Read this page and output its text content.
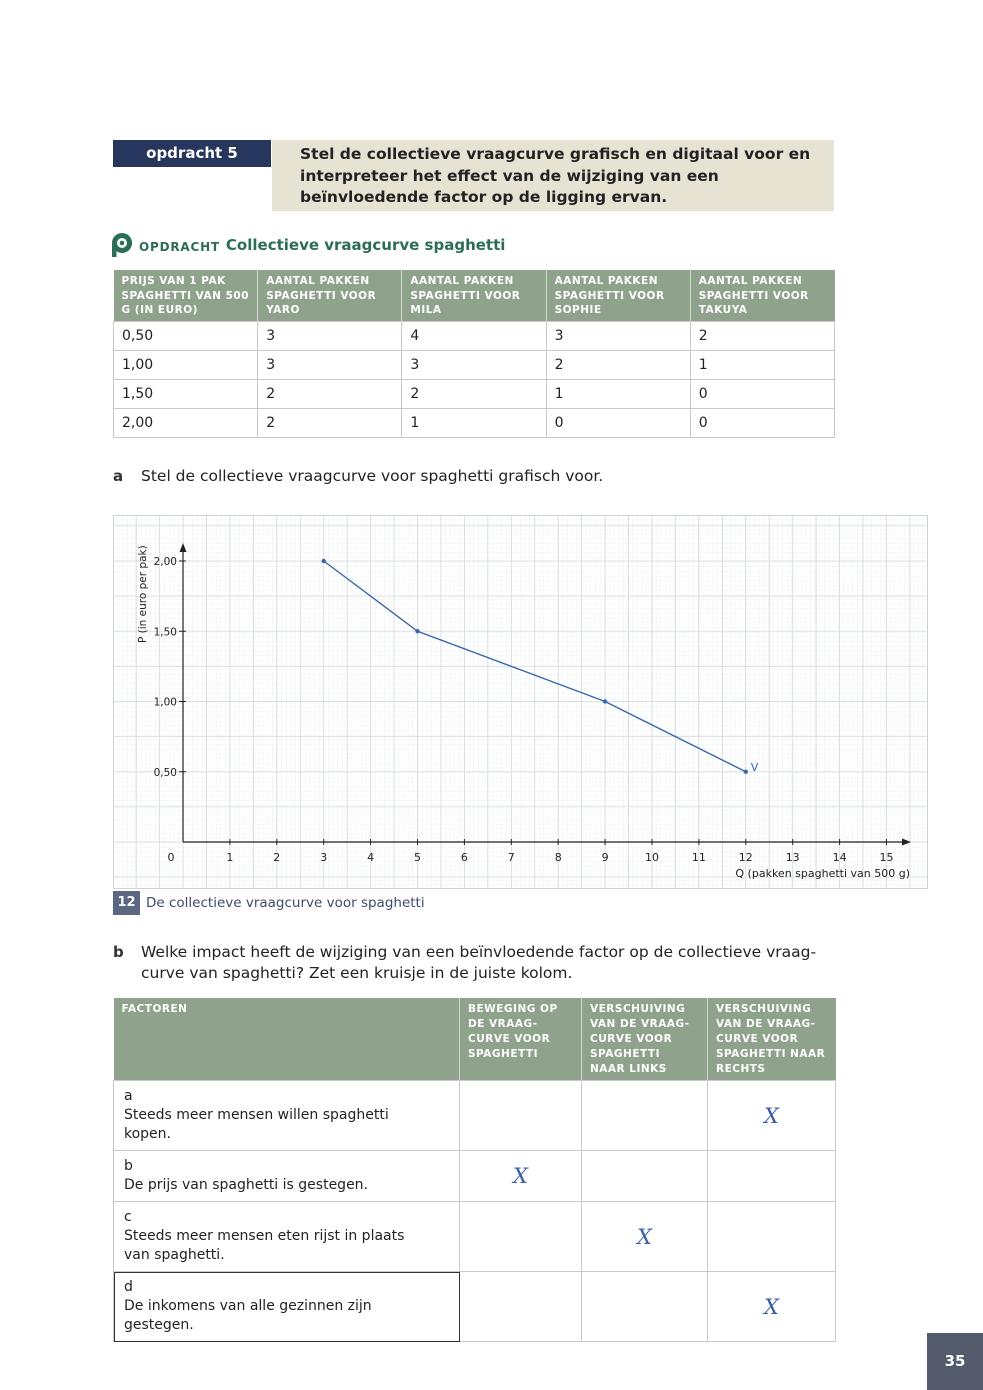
opdracht 5	Stel de collectieve vraagcurve grafisch en digitaal voor en interpreteer het effect van de wijziging van een beïnvloedende factor op de ligging ervan.
OPDRACHT Collectieve vraagcurve spaghetti
PRIJS VAN 1 PAK SPAGHETTI VAN 500 G (IN EURO)	AANTAL PAKKEN SPAGHETTI VOOR YARO	AANTAL PAKKEN SPAGHETTI VOOR MILA	AANTAL PAKKEN SPAGHETTI VOOR SOPHIE	AANTAL PAKKEN SPAGHETTI VOOR TAKUYA
0,50	3	4	3	2
1,00	3	3	2	1
1,50	2	2	1	0
2,00	2	1	0	0
a Stel de collectieve vraagcurve voor spaghetti grafisch voor.
1	2	3	4	5	6	7	8	9	10	11	12	13	14	15
0,50
1,00
1,50
2,00
V
P (in euro per pak)
Q (pakken spaghetti van 500 g)
0
12 De collectieve vraagcurve voor spaghetti
b Welke impact heeft de wijziging van een beïnvloedende factor op de collectieve vraag-
curve van spaghetti? Zet een kruisje in de juiste kolom.
FACTOREN	BEWEGING OP DE VRAAG-CURVE VOOR SPAGHETTI	VERSCHUIVING VAN DE VRAAG-CURVE VOOR SPAGHETTI NAAR LINKS	VERSCHUIVING VAN DE VRAAG-CURVE VOOR SPAGHETTI NAAR RECHTS
aSteeds meer mensen willen spaghetti kopen.			X
bDe prijs van spaghetti is gestegen.	X		
cSteeds meer mensen eten rijst in plaats van spaghetti.		X	
dDe inkomens van alle gezinnen zijn gestegen.			X
35
